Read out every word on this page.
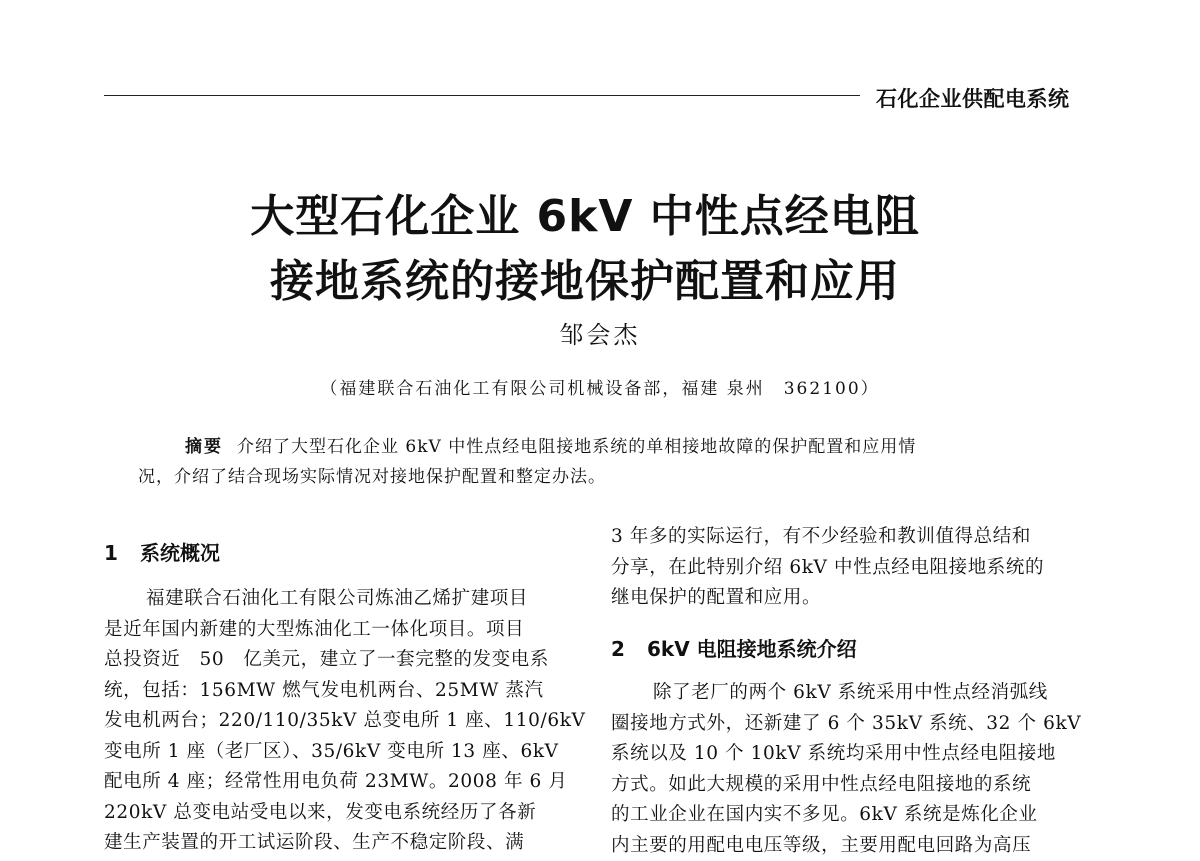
石化企业供配电系统
大型石化企业 6kV 中性点经电阻
接地系统的接地保护配置和应用
邹会杰
（福建联合石油化工有限公司机械设备部，福建 泉州　362100）
摘要 介绍了大型石化企业 6kV 中性点经电阻接地系统的单相接地故障的保护配置和应用情
况，介绍了结合现场实际情况对接地保护配置和整定办法。
1 系统概况
福建联合石油化工有限公司炼油乙烯扩建项目
是近年国内新建的大型炼油化工一体化项目。项目
总投资近　50　亿美元，建立了一套完整的发变电系
统，包括：156MW 燃气发电机两台、25MW 蒸汽
发电机两台；220/110/35kV 总变电所 1 座、110/6kV
变电所 1 座（老厂区）、35/6kV 变电所 13 座、6kV
配电所 4 座；经常性用电负荷 23MW。2008 年 6 月
220kV 总变电站受电以来，发变电系统经历了各新
建生产装置的开工试运阶段、生产不稳定阶段、满
3 年多的实际运行，有不少经验和教训值得总结和
分享，在此特别介绍 6kV 中性点经电阻接地系统的
继电保护的配置和应用。
2 6kV 电阻接地系统介绍
除了老厂的两个 6kV 系统采用中性点经消弧线
圈接地方式外，还新建了 6 个 35kV 系统、32 个 6kV
系统以及 10 个 10kV 系统均采用中性点经电阻接地
方式。如此大规模的采用中性点经电阻接地的系统
的工业企业在国内实不多见。6kV 系统是炼化企业
内主要的用配电电压等级，主要用配电回路为高压
